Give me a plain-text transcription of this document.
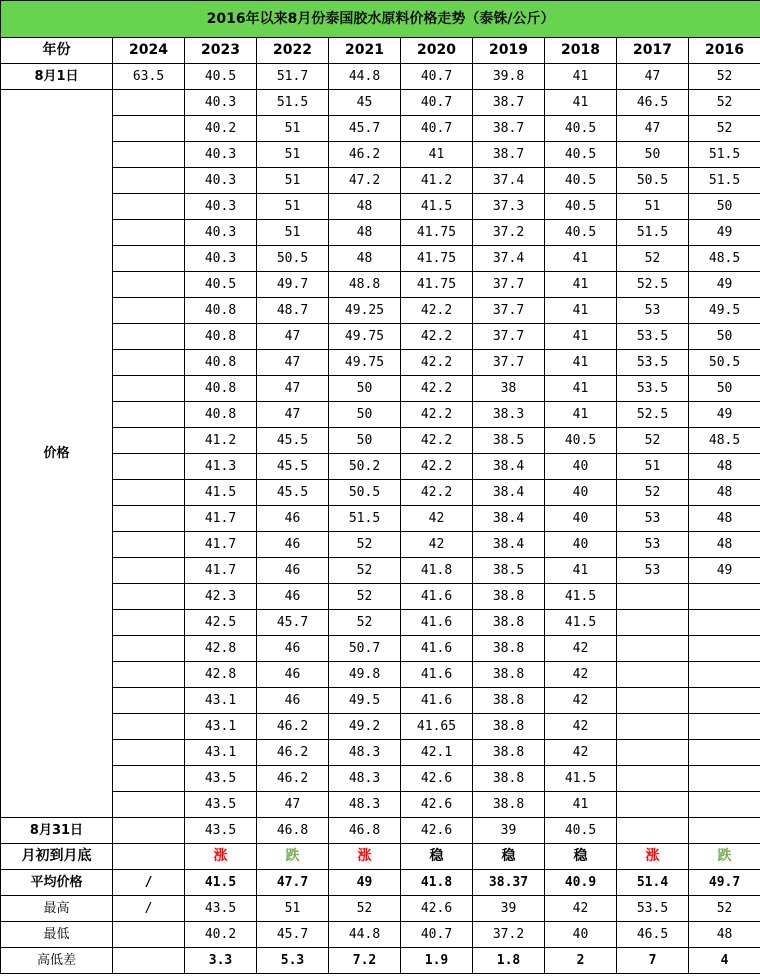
2016年以来8月份泰国胶水原料价格走势（泰铢/公斤）									
年份	2024	2023	2022	2021	2020	2019	2018	2017	2016
8月1日	63.5	40.5	51.7	44.8	40.7	39.8	41	47	52
价格		40.3	51.5	45	40.7	38.7	41	46.5	52
		40.2	51	45.7	40.7	38.7	40.5	47	52
		40.3	51	46.2	41	38.7	40.5	50	51.5
		40.3	51	47.2	41.2	37.4	40.5	50.5	51.5
		40.3	51	48	41.5	37.3	40.5	51	50
		40.3	51	48	41.75	37.2	40.5	51.5	49
		40.3	50.5	48	41.75	37.4	41	52	48.5
		40.5	49.7	48.8	41.75	37.7	41	52.5	49
		40.8	48.7	49.25	42.2	37.7	41	53	49.5
		40.8	47	49.75	42.2	37.7	41	53.5	50
		40.8	47	49.75	42.2	37.7	41	53.5	50.5
		40.8	47	50	42.2	38	41	53.5	50
		40.8	47	50	42.2	38.3	41	52.5	49
		41.2	45.5	50	42.2	38.5	40.5	52	48.5
		41.3	45.5	50.2	42.2	38.4	40	51	48
		41.5	45.5	50.5	42.2	38.4	40	52	48
		41.7	46	51.5	42	38.4	40	53	48
		41.7	46	52	42	38.4	40	53	48
		41.7	46	52	41.8	38.5	41	53	49
		42.3	46	52	41.6	38.8	41.5		
		42.5	45.7	52	41.6	38.8	41.5		
		42.8	46	50.7	41.6	38.8	42		
		42.8	46	49.8	41.6	38.8	42		
		43.1	46	49.5	41.6	38.8	42		
		43.1	46.2	49.2	41.65	38.8	42		
		43.1	46.2	48.3	42.1	38.8	42		
		43.5	46.2	48.3	42.6	38.8	41.5		
		43.5	47	48.3	42.6	38.8	41		
8月31日		43.5	46.8	46.8	42.6	39	40.5		
月初到月底		涨	跌	涨	稳	稳	稳	涨	跌
平均价格	/	41.5	47.7	49	41.8	38.37	40.9	51.4	49.7
最高	/	43.5	51	52	42.6	39	42	53.5	52
最低		40.2	45.7	44.8	40.7	37.2	40	46.5	48
高低差		3.3	5.3	7.2	1.9	1.8	2	7	4
